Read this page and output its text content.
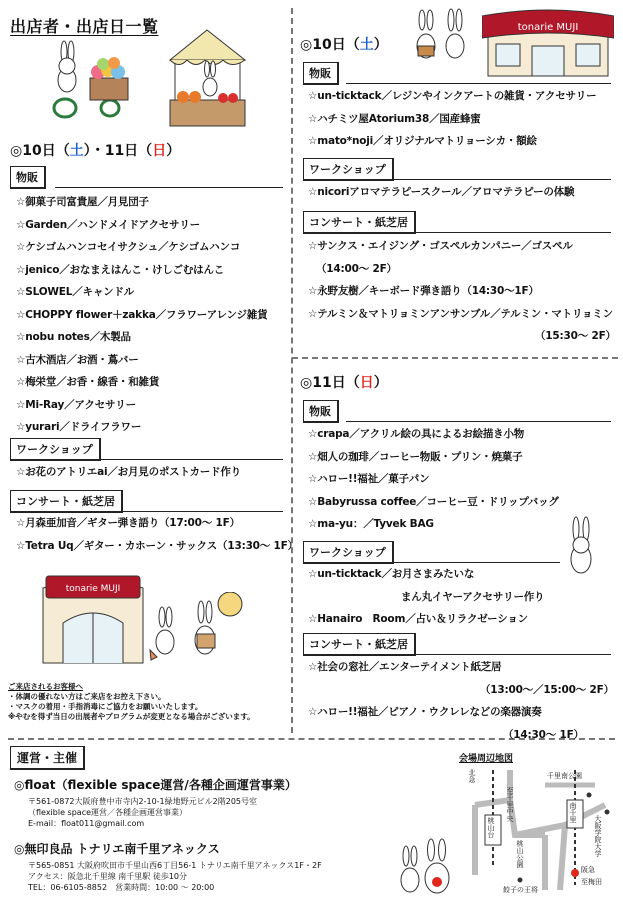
出店者・出店日一覧
◎10日（土）・11日（日）
物販
☆御菓子司富貴屋／月見団子
☆Garden／ハンドメイドアクセサリー
☆ケシゴムハンコセイサクシュ／ケシゴムハンコ
☆jenico／おなまえはんこ・けしごむはんこ
☆SLOWEL／キャンドル
☆CHOPPY flower＋zakka／フラワーアレンジ雑貨
☆nobu notes／木製品
☆古木酒店／お酒・蔦バー
☆梅栄堂／お香・線香・和雑貨
☆Mi-Ray／アクセサリー
☆yurari／ドライフラワー
ワークショップ
☆お花のアトリエai／お月見のポストカード作り
コンサート・紙芝居
☆月森亜加音／ギター弾き語り（17:00～ 1F）
☆Tetra Uq／ギター・カホーン・サックス（13:30～ 1F）
tonarie MUJI
ご来店されるお客様へ
・体調の優れない方はご来店をお控え下さい。
・マスクの着用・手指消毒にご協力をお願いいたします。
※やむを得ず当日の出展者やプログラムが変更となる場合がございます。
tonarie MUJI
◎10日（土）
物販
☆un-ticktack／レジンやインクアートの雑貨・アクセサリー
☆ハチミツ屋Atorium38／国産蜂蜜
☆mato*noji／オリジナルマトリョーシカ・額絵
ワークショップ
☆nicoriアロマテラピースクール／アロマテラピーの体験
コンサート・紙芝居
☆サンクス・エイジング・ゴスペルカンパニー／ゴスペル
（14:00～ 2F）
☆永野友樹／キーボード弾き語り（14:30～1F）
☆テルミン＆マトリョミンアンサンブル／テルミン・マトリョミン
（15:30～ 2F）
◎11日（日）
物販
☆crapa／アクリル絵の具によるお絵描き小物
☆畑人の珈琲／コーヒー物販・プリン・焼菓子
☆ハロー!!福祉／菓子パン
☆Babyrussa coffee／コーヒー豆・ドリップバッグ
☆ma-yu：／Tyvek BAG
ワークショップ
☆un-ticktack／お月さまみたいな
まん丸イヤーアクセサリー作り
☆Hanairo　Room／占い＆リラクゼーション
コンサート・紙芝居
☆社会の窓社／エンターテイメント紙芝居
（13:00～／15:00～ 2F）
☆ハロー!!福祉／ピアノ・ウクレレなどの楽器演奏
（14:30～ 1F）
運営・主催
◎float（flexible space運営/各種企画運営事業）
〒561-0872大阪府豊中市寺内2-10-1緑地野元ビル2階205号室
（flexible space運営／各種企画運営事業）
E-mail：float011@gmail.com
◎無印良品 トナリエ南千里アネックス
〒565-0851 大阪府吹田市千里山西6丁目56-1 トナリエ南千里アネックス1F・2F
アクセス：阪急北千里線 南千里駅 徒歩10分
TEL：06-6105-8852　営業時間：10:00 ～ 20:00
会場周辺地図
北急
至千里中央
千里南公園
桃山台
桃山公園
南千里
大阪学院大学
阪急
至梅田
餃子の王将
